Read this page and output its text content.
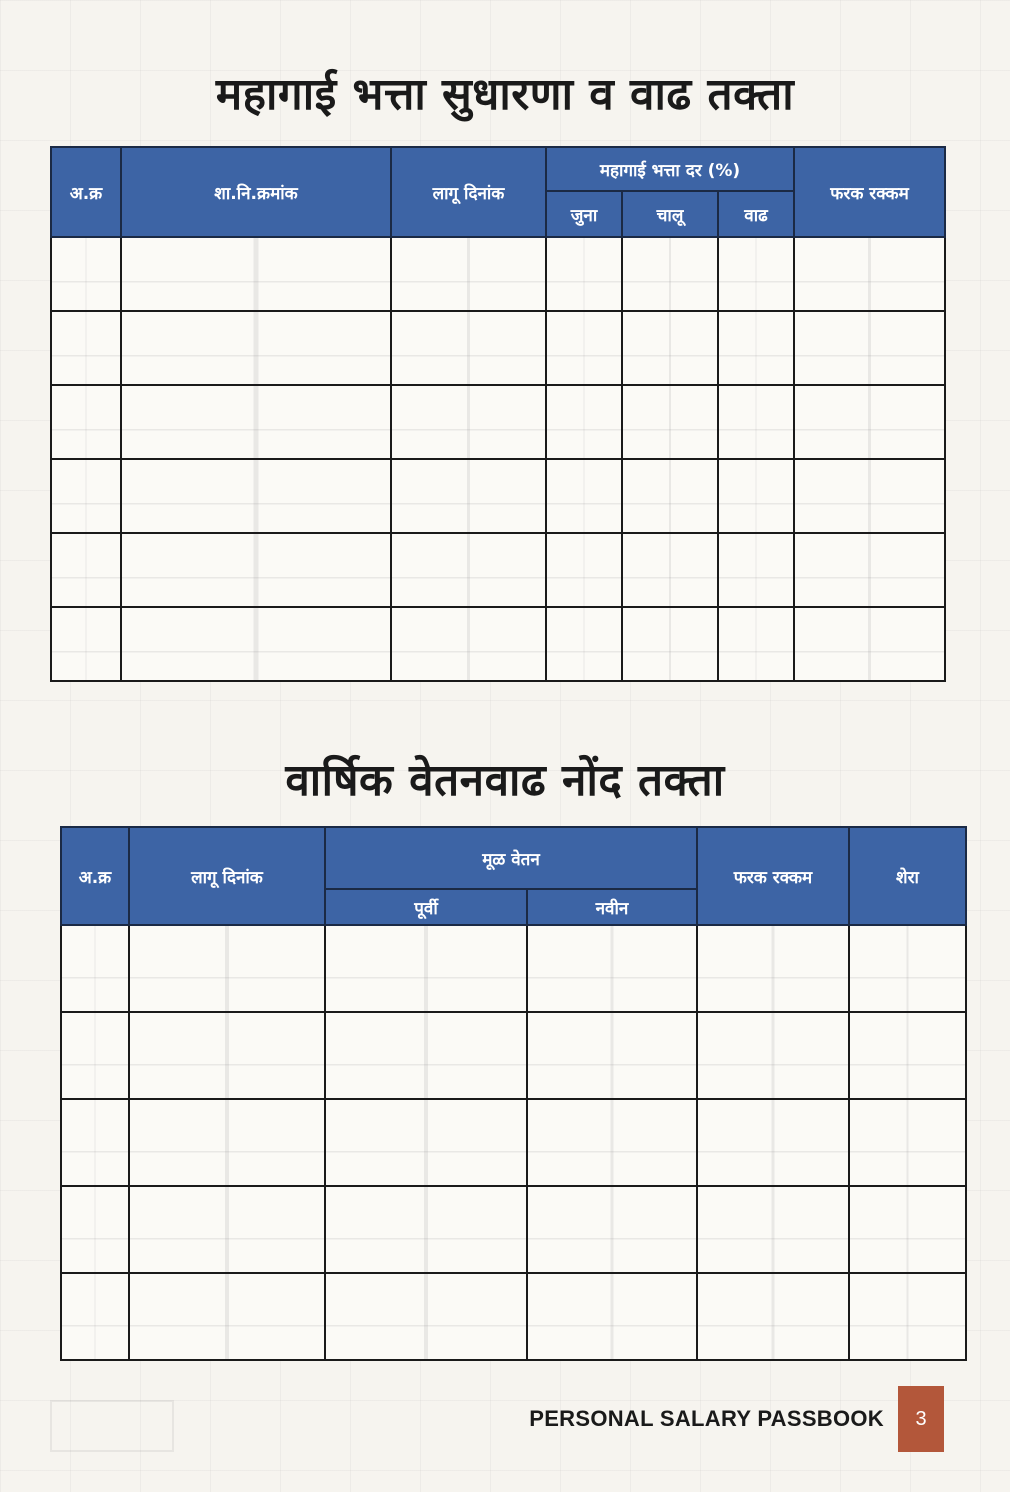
महागाई भत्ता सुधारणा व वाढ तक्ता
अ.क्र	शा.नि.क्रमांक	लागू दिनांक	महागाई भत्ता दर (%)			फरक रक्कम
			जुना	चालू	वाढ	

वार्षिक वेतनवाढ नोंद तक्ता
अ.क्र	लागू दिनांक	मूळ वेतन		फरक रक्कम	शेरा
		पूर्वी	नवीन		

PERSONAL SALARY PASSBOOK	3
